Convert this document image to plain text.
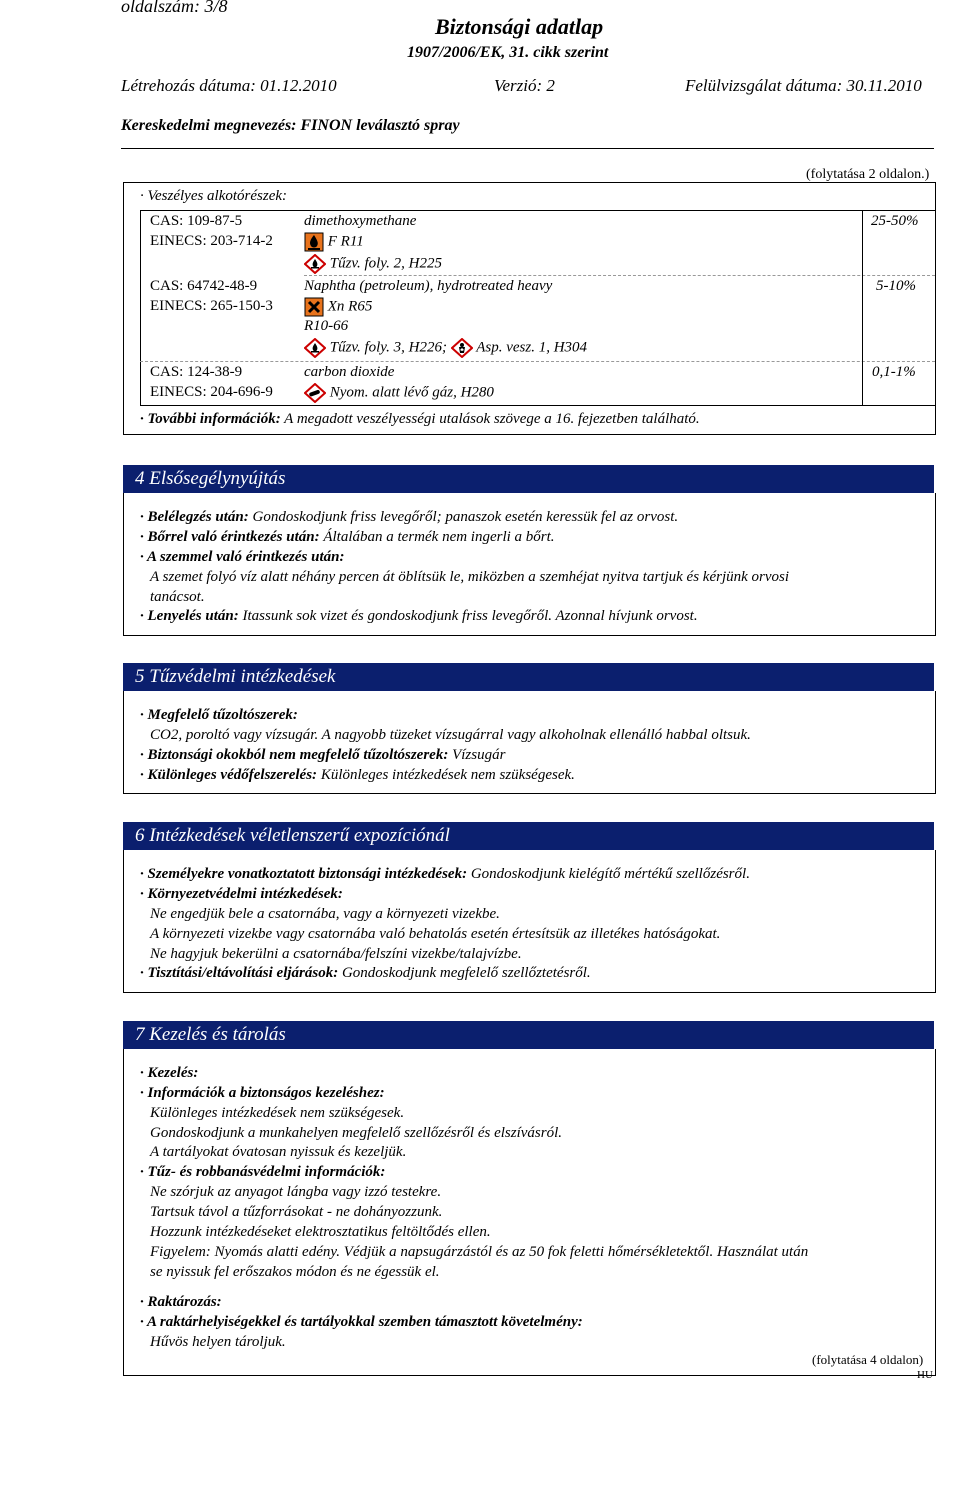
oldalszám: 3/8
Biztonsági adatlap
1907/2006/EK, 31. cikk szerint
Létrehozás dátuma: 01.12.2010	Verzió: 2	Felülvizsgálat dátuma: 30.11.2010
Kereskedelmi megnevezés: FINON leválasztó spray
(folytatása 2 oldalon.)
· Veszélyes alkotórészek:
CAS: 109-87-5
EINECS: 203-714-2
dimethoxymethane
F R11
Tűzv. foly. 2, H225
25-50%
CAS: 64742-48-9
EINECS: 265-150-3
Naphtha (petroleum), hydrotreated heavy
Xn R65
R10-66
Tűzv. foly. 3, H226; Asp. vesz. 1, H304
5-10%
CAS: 124-38-9
EINECS: 204-696-9
carbon dioxide
Nyom. alatt lévő gáz, H280
0,1-1%
· További információk: A megadott veszélyességi utalások szövege a 16. fejezetben található.
4 Elsősegélynyújtás
· Belélegzés után: Gondoskodjunk friss levegőről; panaszok esetén keressük fel az orvost.
· Bőrrel való érintkezés után: Általában a termék nem ingerli a bőrt.
· A szemmel való érintkezés után:
A szemet folyó víz alatt néhány percen át öblítsük le, miközben a szemhéjat nyitva tartjuk és kérjünk orvosi
tanácsot.
· Lenyelés után: Itassunk sok vizet és gondoskodjunk friss levegőről. Azonnal hívjunk orvost.
5 Tűzvédelmi intézkedések
· Megfelelő tűzoltószerek:
CO2, poroltó vagy vízsugár. A nagyobb tüzeket vízsugárral vagy alkoholnak ellenálló habbal oltsuk.
· Biztonsági okokból nem megfelelő tűzoltószerek: Vízsugár
· Különleges védőfelszerelés: Különleges intézkedések nem szükségesek.
6 Intézkedések véletlenszerű expozíciónál
· Személyekre vonatkoztatott biztonsági intézkedések: Gondoskodjunk kielégítő mértékű szellőzésről.
· Környezetvédelmi intézkedések:
Ne engedjük bele a csatornába, vagy a környezeti vizekbe.
A környezeti vizekbe vagy csatornába való behatolás esetén értesítsük az illetékes hatóságokat.
Ne hagyjuk bekerülni a csatornába/felszíni vizekbe/talajvízbe.
· Tisztítási/eltávolítási eljárások: Gondoskodjunk megfelelő szellőztetésről.
7 Kezelés és tárolás
· Kezelés:
· Információk a biztonságos kezeléshez:
Különleges intézkedések nem szükségesek.
Gondoskodjunk a munkahelyen megfelelő szellőzésről és elszívásról.
A tartályokat óvatosan nyissuk és kezeljük.
· Tűz- és robbanásvédelmi információk:
Ne szórjuk az anyagot lángba vagy izzó testekre.
Tartsuk távol a tűzforrásokat - ne dohányozzunk.
Hozzunk intézkedéseket elektrosztatikus feltöltődés ellen.
Figyelem: Nyomás alatti edény. Védjük a napsugárzástól és az 50 fok feletti hőmérsékletektől. Használat után
se nyissuk fel erőszakos módon és ne égessük el.
· Raktározás:
· A raktárhelyiségekkel és tartályokkal szemben támasztott követelmény:
Hűvös helyen tároljuk.
(folytatása 4 oldalon)
HU
